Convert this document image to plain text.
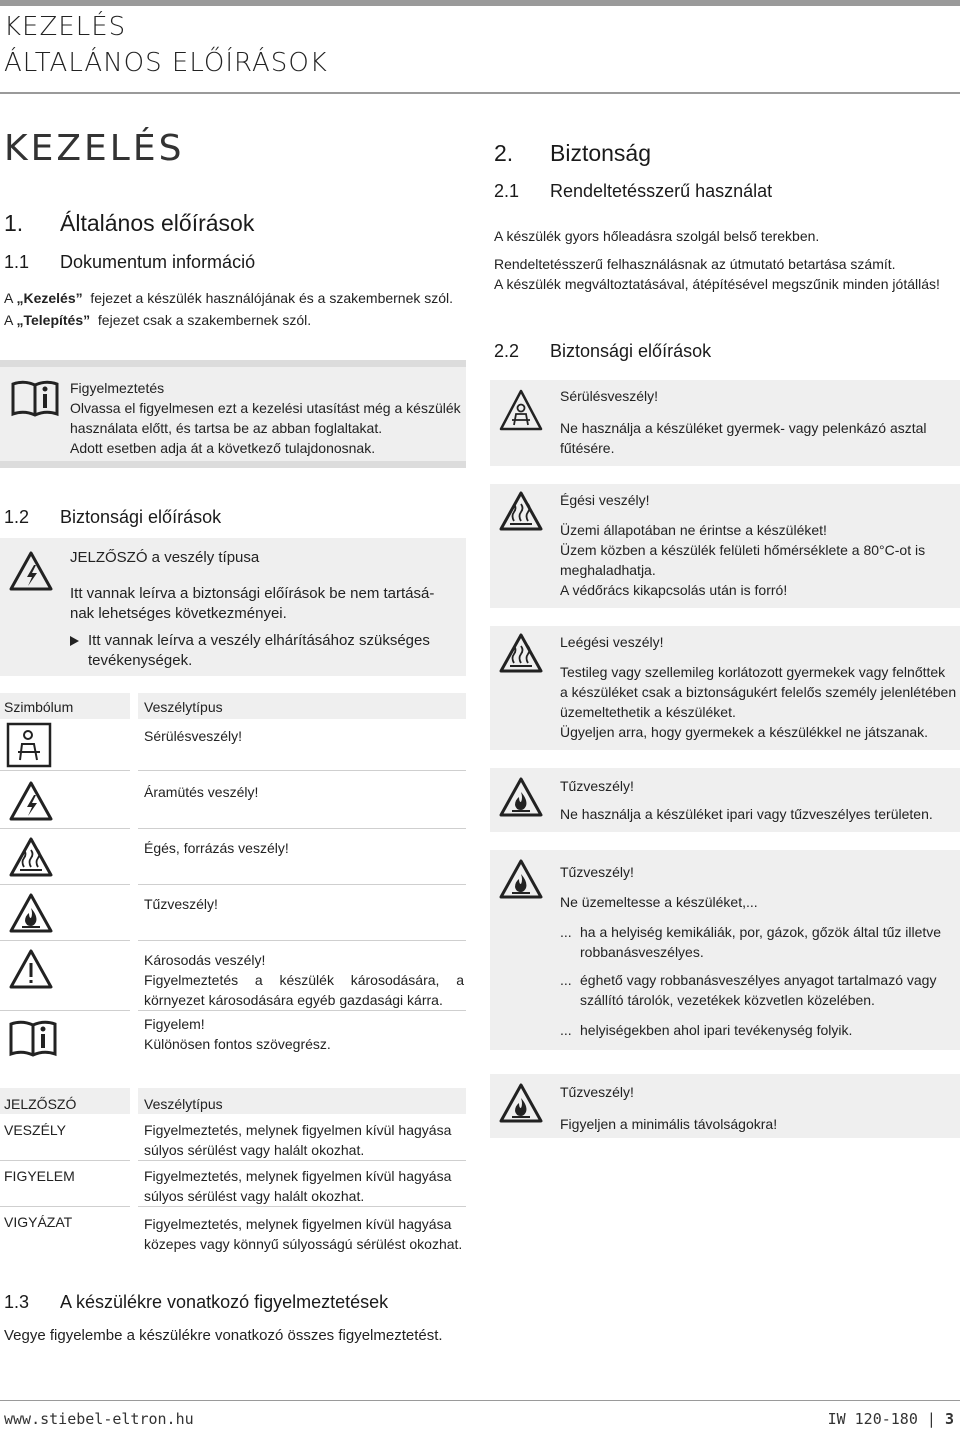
KEZELÉS
ÁLTALÁNOS ELŐÍRÁSOK
KEZELÉS
1. Általános előírások
1.1 Dokumentum információ
A „Kezelés” fejezet a készülék használójának és a szakembernek szól.
A „Telepítés” fejezet csak a szakembernek szól.
Figyelmeztetés
Olvassa el figyelmesen ezt a kezelési utasítást még a készülék
használata előtt, és tartsa be az abban foglaltakat.
Adott esetben adja át a következő tulajdonosnak.
1.2 Biztonsági előírások
JELZŐSZÓ a veszély típusa
Itt vannak leírva a biztonsági előírások be nem tartásá-
nak lehetséges következményei.
Itt vannak leírva a veszély elhárításához szükséges
tevékenységek.
Szimbólum	Veszélytípus
Sérülésveszély!
Áramütés veszély!
Égés, forrázás veszély!
Tűzveszély!
Károsodás veszély!
Figyelmeztetés a készülék károsodására, a
környezet károsodására egyéb gazdasági kárra.
Figyelem!
Különösen fontos szövegrész.
JELZŐSZÓ	Veszélytípus
VESZÉLY	Figyelmeztetés, melynek figyelmen kívül hagyása
súlyos sérülést vagy halált okozhat.
FIGYELEM	Figyelmeztetés, melynek figyelmen kívül hagyása
súlyos sérülést vagy halált okozhat.
VIGYÁZAT	Figyelmeztetés, melynek figyelmen kívül hagyása
közepes vagy könnyű súlyosságú sérülést okozhat.
1.3 A készülékre vonatkozó figyelmeztetések
Vegye figyelembe a készülékre vonatkozó összes figyelmeztetést.
2. Biztonság
2.1 Rendeltetésszerű használat
A készülék gyors hőleadásra szolgál belső terekben.
Rendeltetésszerű felhasználásnak az útmutató betartása számít.
A készülék megváltoztatásával, átépítésével megszűnik minden jótállás!
2.2 Biztonsági előírások
Sérülésveszély!
Ne használja a készüléket gyermek- vagy pelenkázó asztal
fűtésére.
Égési veszély!
Üzemi állapotában ne érintse a készüléket!
Üzem közben a készülék felületi hőmérséklete a 80°C-ot is
meghaladhatja.
A védőrács kikapcsolás után is forró!
Leégési veszély!
Testileg vagy szellemileg korlátozott gyermekek vagy felnőttek
a készüléket csak a biztonságukért felelős személy jelenlétében
üzemeltethetik a készüléket.
Ügyeljen arra, hogy gyermekek a készülékkel ne játszanak.
Tűzveszély!
Ne használja a készüléket ipari vagy tűzveszélyes területen.
Tűzveszély!
Ne üzemeltesse a készüléket,...
... ha a helyiség kemikáliák, por, gázok, gőzök által tűz illetve
robbanásveszélyes.
... éghető vagy robbanásveszélyes anyagot tartalmazó vagy
szállító tárolók, vezetékek közvetlen közelében.
... helyiségekben ahol ipari tevékenység folyik.
Tűzveszély!
Figyeljen a minimális távolságokra!
www.stiebel-eltron.hu	IW 120-180 | 3
